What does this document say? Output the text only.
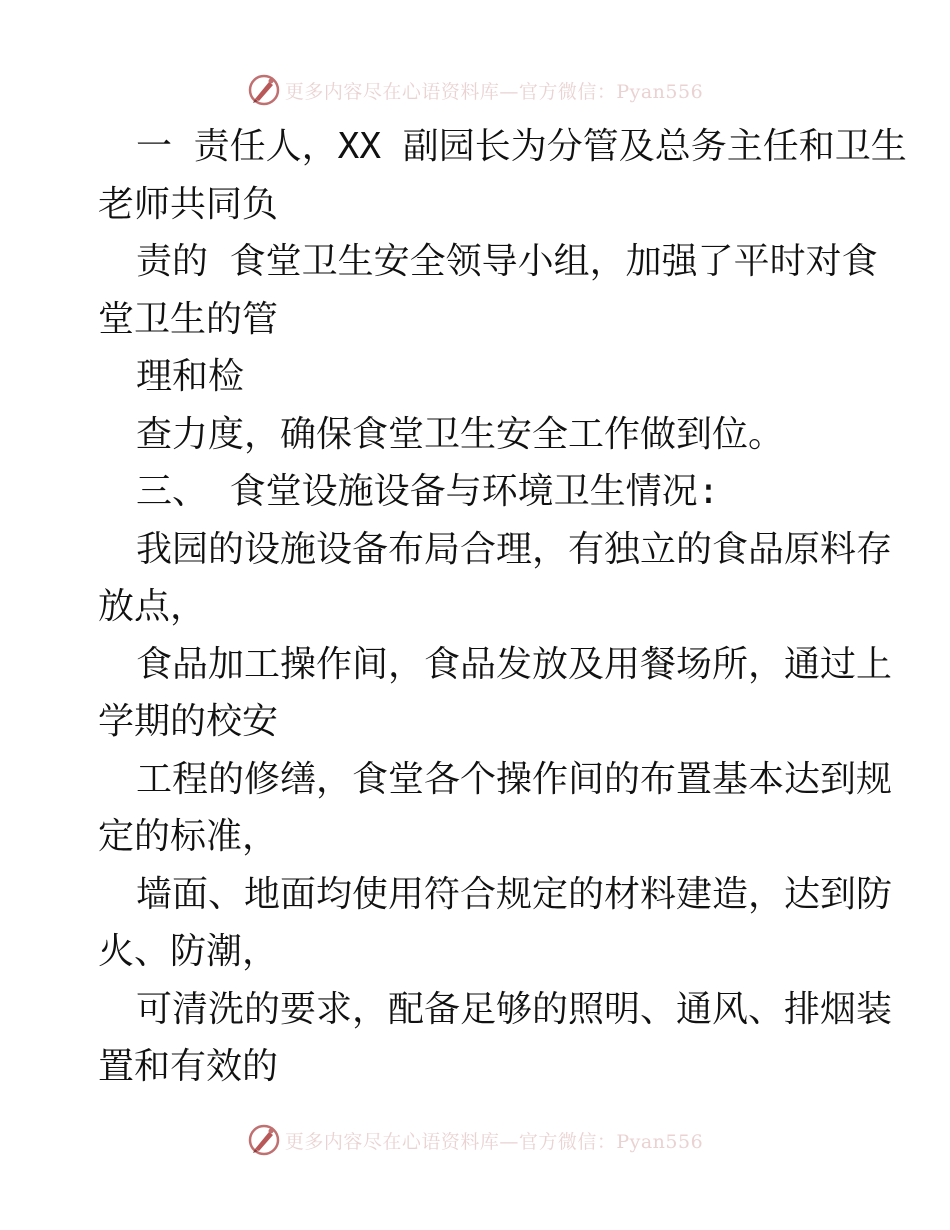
更多内容尽在心语资料库—官方微信：Pyan556
一 责任人，XX 副园长为分管及总务主任和卫生
老师共同负
责的 食堂卫生安全领导小组，加强了平时对食
堂卫生的管
理和检
查力度，确保食堂卫生安全工作做到位。
三、 食堂设施设备与环境卫生情况:
我园的设施设备布局合理，有独立的食品原料存
放点，
食品加工操作间，食品发放及用餐场所，通过上
学期的校安
工程的修缮，食堂各个操作间的布置基本达到规
定的标准，
墙面、地面均使用符合规定的材料建造，达到防
火、防潮，
可清洗的要求，配备足够的照明、通风、排烟装
置和有效的
更多内容尽在心语资料库—官方微信：Pyan556
